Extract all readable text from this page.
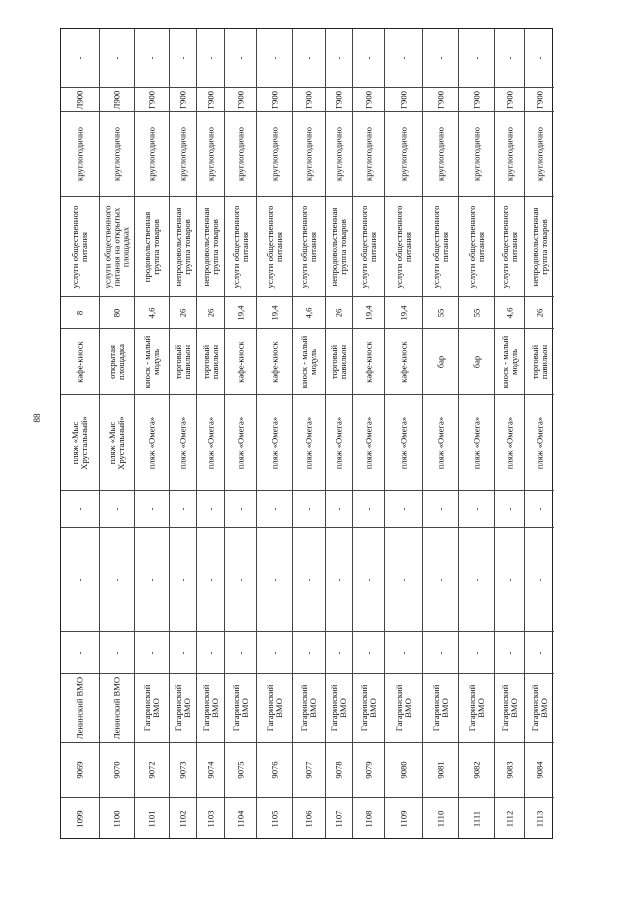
88
-
Л900
круглогодично
услуги общественного питания
8
кафе-киоск
пляж «Мыс Хрустальный»
-
-
-
Ленинский ВМО
9069
1099
-
Л900
круглогодично
услуги общественного питания на открытых площадках
80
открытая площадка
пляж «Мыс Хрустальный»
-
-
-
Ленинский ВМО
9070
1100
-
Г900
круглогодично
продовольственная группа товаров
4,6
киоск - малый модуль
пляж «Омега»
-
-
-
Гагаринский ВМО
9072
1101
-
Г900
круглогодично
непродовольственная группа товаров
26
торговый павильон
пляж «Омега»
-
-
-
Гагаринский ВМО
9073
1102
-
Г900
круглогодично
непродовольственная группа товаров
26
торговый павильон
пляж «Омега»
-
-
-
Гагаринский ВМО
9074
1103
-
Г900
круглогодично
услуги общественного питания
19,4
кафе-киоск
пляж «Омега»
-
-
-
Гагаринский ВМО
9075
1104
-
Г900
круглогодично
услуги общественного питания
19,4
кафе-киоск
пляж «Омега»
-
-
-
Гагаринский ВМО
9076
1105
-
Г900
круглогодично
услуги общественного питания
4,6
киоск - малый модуль
пляж «Омега»
-
-
-
Гагаринский ВМО
9077
1106
-
Г900
круглогодично
непродовольственная группа товаров
26
торговый павильон
пляж «Омега»
-
-
-
Гагаринский ВМО
9078
1107
-
Г900
круглогодично
услуги общественного питания
19,4
кафе-киоск
пляж «Омега»
-
-
-
Гагаринский ВМО
9079
1108
-
Г900
круглогодично
услуги общественного питания
19,4
кафе-киоск
пляж «Омега»
-
-
-
Гагаринский ВМО
9080
1109
-
Г900
круглогодично
услуги общественного питания
55
бар
пляж «Омега»
-
-
-
Гагаринский ВМО
9081
1110
-
Г900
круглогодично
услуги общественного питания
55
бар
пляж «Омега»
-
-
-
Гагаринский ВМО
9082
1111
-
Г900
круглогодично
услуги общественного питания
4,6
киоск - малый модуль
пляж «Омега»
-
-
-
Гагаринский ВМО
9083
1112
-
Г900
круглогодично
непродовольственная группа товаров
26
торговый павильон
пляж «Омега»
-
-
-
Гагаринский ВМО
9084
1113
